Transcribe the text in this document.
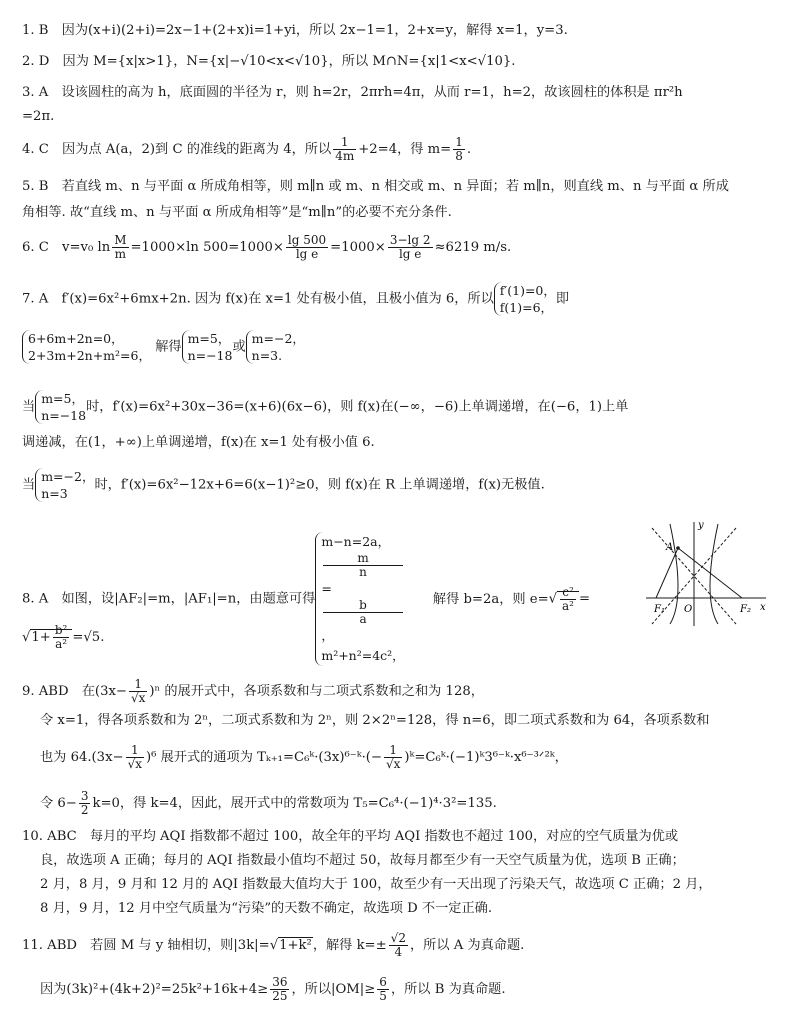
1. B　因为(x+i)(2+i)=2x−1+(2+x)i=1+yi，所以 2x−1=1，2+x=y，解得 x=1，y=3.
2. D　因为 M={x|x>1}，N={x|−√10<x<√10}，所以 M∩N={x|1<x<√10}.
3. A　设该圆柱的高为 h，底面圆的半径为 r，则 h=2r，2πrh=4π，从而 r=1，h=2，故该圆柱的体积是 πr²h
=2π.
4. C　因为点 A(a，2)到 C 的准线的距离为 4，所以 $\frac{1}{4m} +2=4$，得 $m= \frac{1}{8}$ .
5. B　若直线 m、n 与平面 α 所成角相等，则 m∥n 或 m、n 相交或 m、n 异面；若 m∥n，则直线 m、n 与平面 α 所成
角相等. 故“直线 m、n 与平面 α 所成角相等”是“m∥n”的必要不充分条件.
6. C　v=v₀ $\ln \frac{M}{m} =1000\times\ln$ $500=1000\times \frac{\lg 500}{\text{lg e}} =1000\times \frac{3-\lg 2}{\text{lg e}} \approx 6219$ m/s.
7. A　f′(x)=6x²+6mx+2n. 因为 f(x)在 x=1 处有极小值，且极小值为 6，所以
f′(1)=0，
f(1)=6，
即
6+6m+2n=0，
2+3m+2n+m²=6，
解得
m=5，
n=−18
或
m=−2，
n=3.
当
m=5，
n=−18
时，f′(x)=6x²+30x−36=(x+6)(6x−6)，则 f(x)在(−∞，−6)上单调递增，在(−6，1)上单
调递减，在(1，+∞)上单调递增，f(x)在 x=1 处有极小值 6.
当
m=−2，
n=3
时，f′(x)=6x²−12x+6=6(x−1)²≥0，则 f(x)在 R 上单调递增，f(x)无极值.
8. A　如图，设|AF₂|=m，|AF₁|=n，由题意可得
m−n=2a，
m
n
=
b
a
，
m²+n²=4c²，
解得 b=2a，则 $e=√ \frac{\text{c²}}{\text{a²}}$ =
A
F₁	F₂
O	x
y
$√1+ \frac{\text{b²}}{\text{a²}} =√5$.
9. ABD　在$(3x- \frac{1}{√x} )^n$ 的展开式中，各项系数和与二项式系数和之和为 128，
令 x=1，得各项系数和为 2ⁿ，二项式系数和为 2ⁿ，则 2×2ⁿ=128，得 n=6，即二项式系数和为 64，各项系数和
也为 $64.(3x- \frac{1}{√x} )^6$ 展开式的通项为 Tₖ₊₁=C₆ᵏ·(3x)⁶⁻ᵏ·(− $\frac{1}{√x}$ )ᵏ=C₆ᵏ·(−1)ᵏ3⁶⁻ᵏ·x⁶⁻³ᐟ²ᵏ，
令 $6- \frac{3}{2} k=0$，得 k=4，因此，展开式中的常数项为 T₅=C₆⁴·(−1)⁴·3²=135.
10. ABC　每月的平均 AQI 指数都不超过 100，故全年的平均 AQI 指数也不超过 100，对应的空气质量为优或
良，故选项 A 正确；每月的 AQI 指数最小值均不超过 50，故每月都至少有一天空气质量为优，选项 B 正确；
2 月，8 月，9 月和 12 月的 AQI 指数最大值均大于 100，故至少有一天出现了污染天气，故选项 C 正确；2 月，
8 月，9 月，12 月中空气质量为“污染”的天数不确定，故选项 D 不一定正确.
11. ABD　若圆 M 与 y 轴相切，则|3k|=√1+k²，解得 $k=\pm \frac{√2}{4}$ ，所以 A 为真命题.
因为$(3k)^2+(4k+2)^2=25k^2+16k+4\ge \frac{36}{25}$ ，所以$|OM|\ge \frac{6}{5}$ ，所以 B 为真命题.
